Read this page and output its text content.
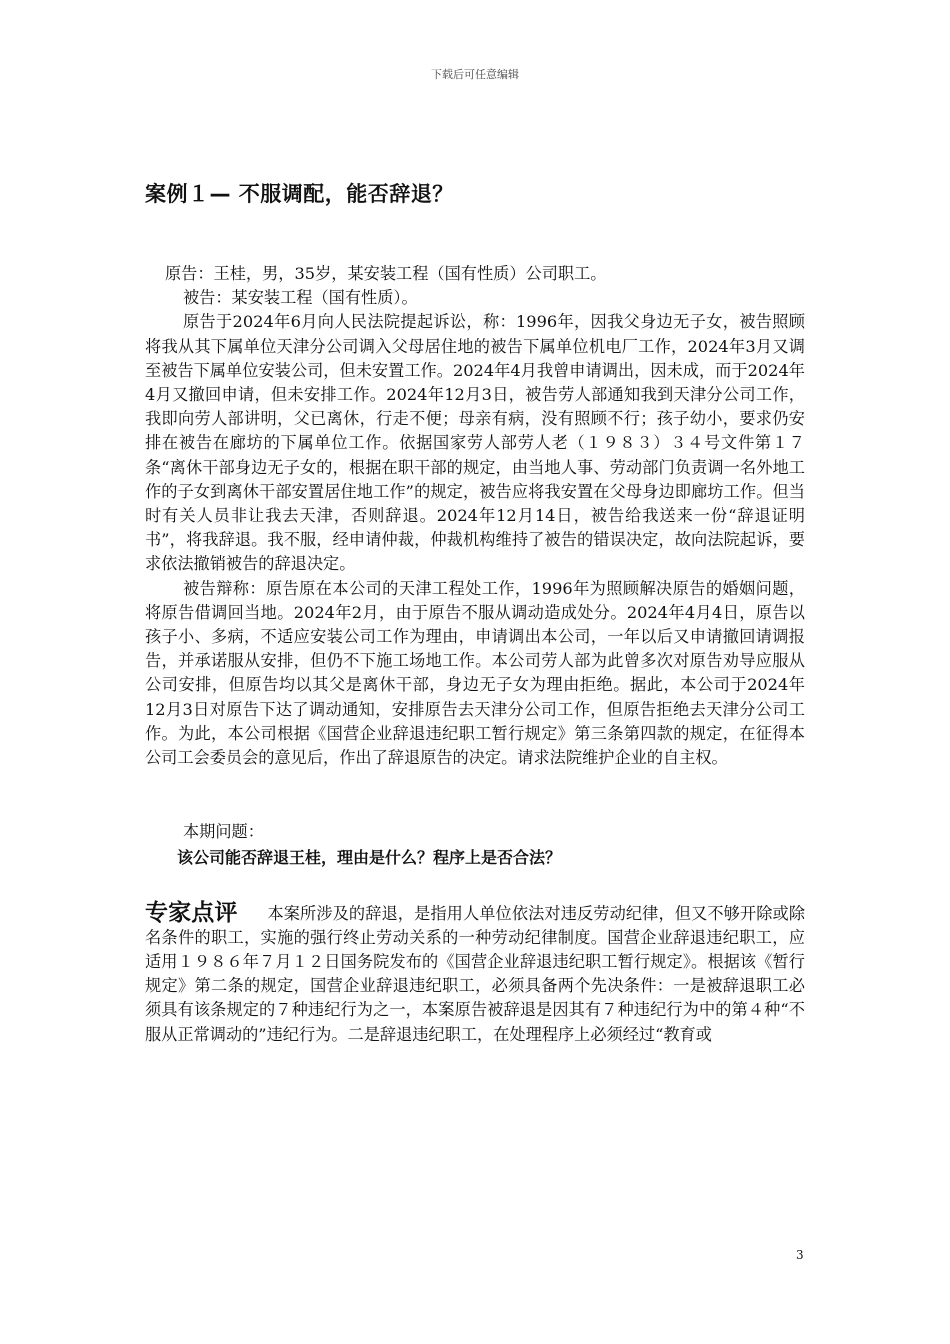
下载后可任意编辑
案例１— 不服调配，能否辞退？

原告：王桂，男，35岁，某安装工程（国有性质）公司职工。

被告：某安装工程（国有性质）。

原告于2024年6月向人民法院提起诉讼，称：1996年，因我父身边无子女，被告照顾将我从其下属单位天津分公司调入父母居住地的被告下属单位机电厂工作，2024年3月又调至被告下属单位安装公司，但未安置工作。2024年4月我曾申请调出，因未成，而于2024年4月又撤回申请，但未安排工作。2024年12月3日，被告劳人部通知我到天津分公司工作，我即向劳人部讲明，父已离休，行走不便；母亲有病，没有照顾不行；孩子幼小，要求仍安排在被告在廊坊的下属单位工作。依据国家劳人部劳人老（１９８３）３４号文件第１７条“离休干部身边无子女的，根据在职干部的规定，由当地人事、劳动部门负责调一名外地工作的子女到离休干部安置居住地工作”的规定，被告应将我安置在父母身边即廊坊工作。但当时有关人员非让我去天津，否则辞退。2024年12月14日，被告给我送来一份“辞退证明书”，将我辞退。我不服，经申请仲裁，仲裁机构维持了被告的错误决定，故向法院起诉，要求依法撤销被告的辞退决定。

被告辩称：原告原在本公司的天津工程处工作，1996年为照顾解决原告的婚姻问题，将原告借调回当地。2024年2月，由于原告不服从调动造成处分。2024年4月4日，原告以孩子小、多病，不适应安装公司工作为理由，申请调出本公司，一年以后又申请撤回请调报告，并承诺服从安排，但仍不下施工场地工作。本公司劳人部为此曾多次对原告劝导应服从公司安排，但原告均以其父是离休干部，身边无子女为理由拒绝。据此，本公司于2024年12月3日对原告下达了调动通知，安排原告去天津分公司工作，但原告拒绝去天津分公司工作。为此，本公司根据《国营企业辞退违纪职工暂行规定》第三条第四款的规定，在征得本公司工会委员会的意见后，作出了辞退原告的决定。请求法院维护企业的自主权。

本期问题：

该公司能否辞退王桂，理由是什么？程序上是否合法？

专家点评 本案所涉及的辞退，是指用人单位依法对违反劳动纪律，但又不够开除或除名条件的职工，实施的强行终止劳动关系的一种劳动纪律制度。国营企业辞退违纪职工，应适用１９８６年７月１２日国务院发布的《国营企业辞退违纪职工暂行规定》。根据该《暂行规定》第二条的规定，国营企业辞退违纪职工，必须具备两个先决条件：一是被辞退职工必须具有该条规定的７种违纪行为之一，本案原告被辞退是因其有７种违纪行为中的第４种“不服从正常调动的”违纪行为。二是辞退违纪职工，在处理程序上必须经过“教育或

3
